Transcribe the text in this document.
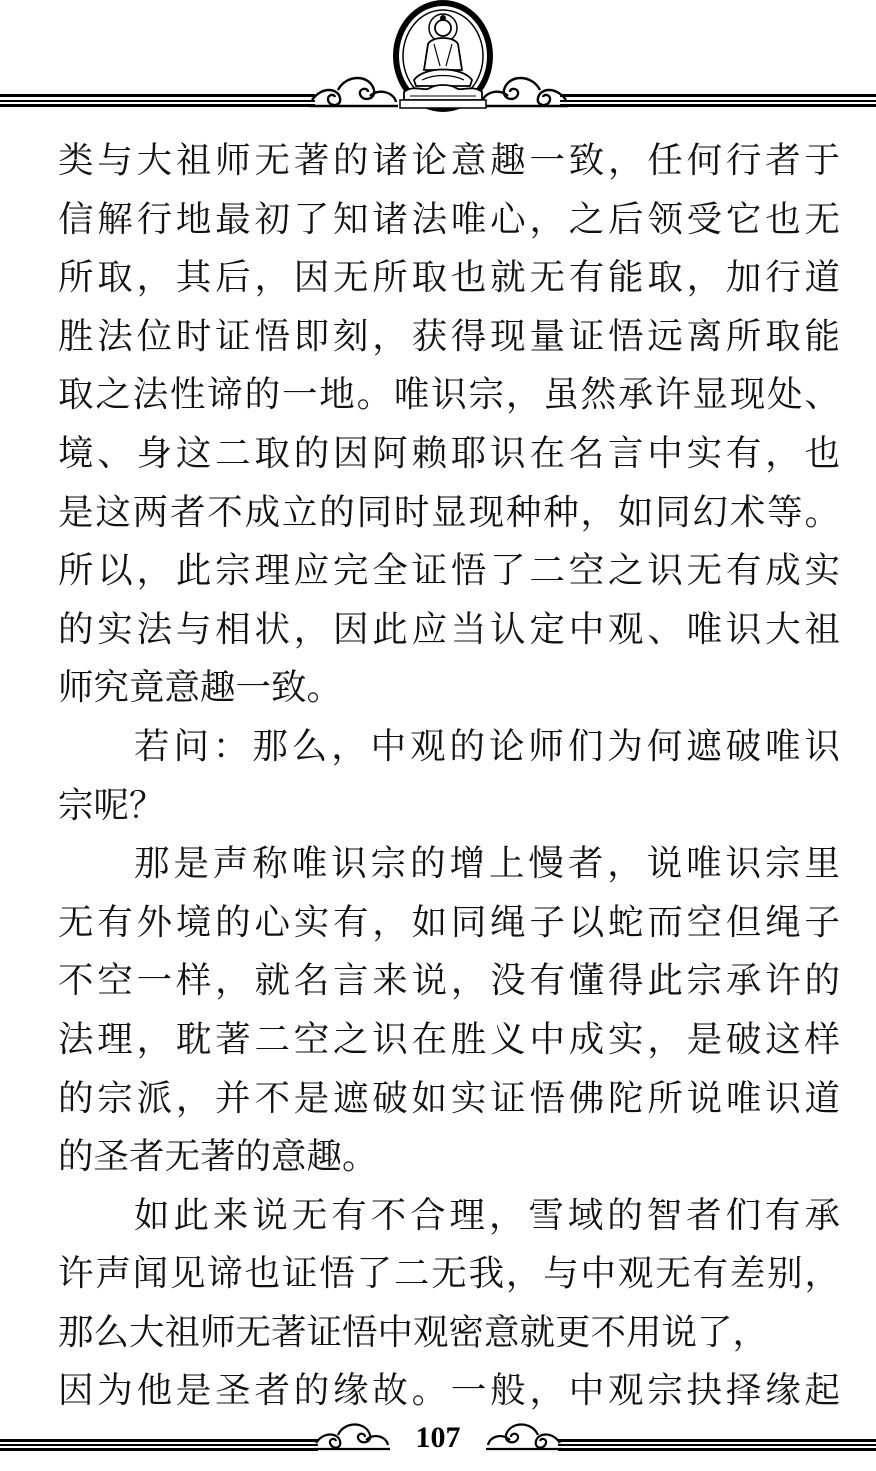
类与大祖师无著的诸论意趣一致，任何行者于
信解行地最初了知诸法唯心，之后领受它也无
所取，其后，因无所取也就无有能取，加行道
胜法位时证悟即刻，获得现量证悟远离所取能
取之法性谛的一地。唯识宗，虽然承许显现处、
境、身这二取的因阿赖耶识在名言中实有，也
是这两者不成立的同时显现种种，如同幻术等。
所以，此宗理应完全证悟了二空之识无有成实
的实法与相状，因此应当认定中观、唯识大祖
师究竟意趣一致。
若问：那么，中观的论师们为何遮破唯识
宗呢？
那是声称唯识宗的增上慢者，说唯识宗里
无有外境的心实有，如同绳子以蛇而空但绳子
不空一样，就名言来说，没有懂得此宗承许的
法理，耽著二空之识在胜义中成实，是破这样
的宗派，并不是遮破如实证悟佛陀所说唯识道
的圣者无著的意趣。
如此来说无有不合理，雪域的智者们有承
许声闻见谛也证悟了二无我，与中观无有差别，
那么大祖师无著证悟中观密意就更不用说了，
因为他是圣者的缘故。一般，中观宗抉择缘起
107
